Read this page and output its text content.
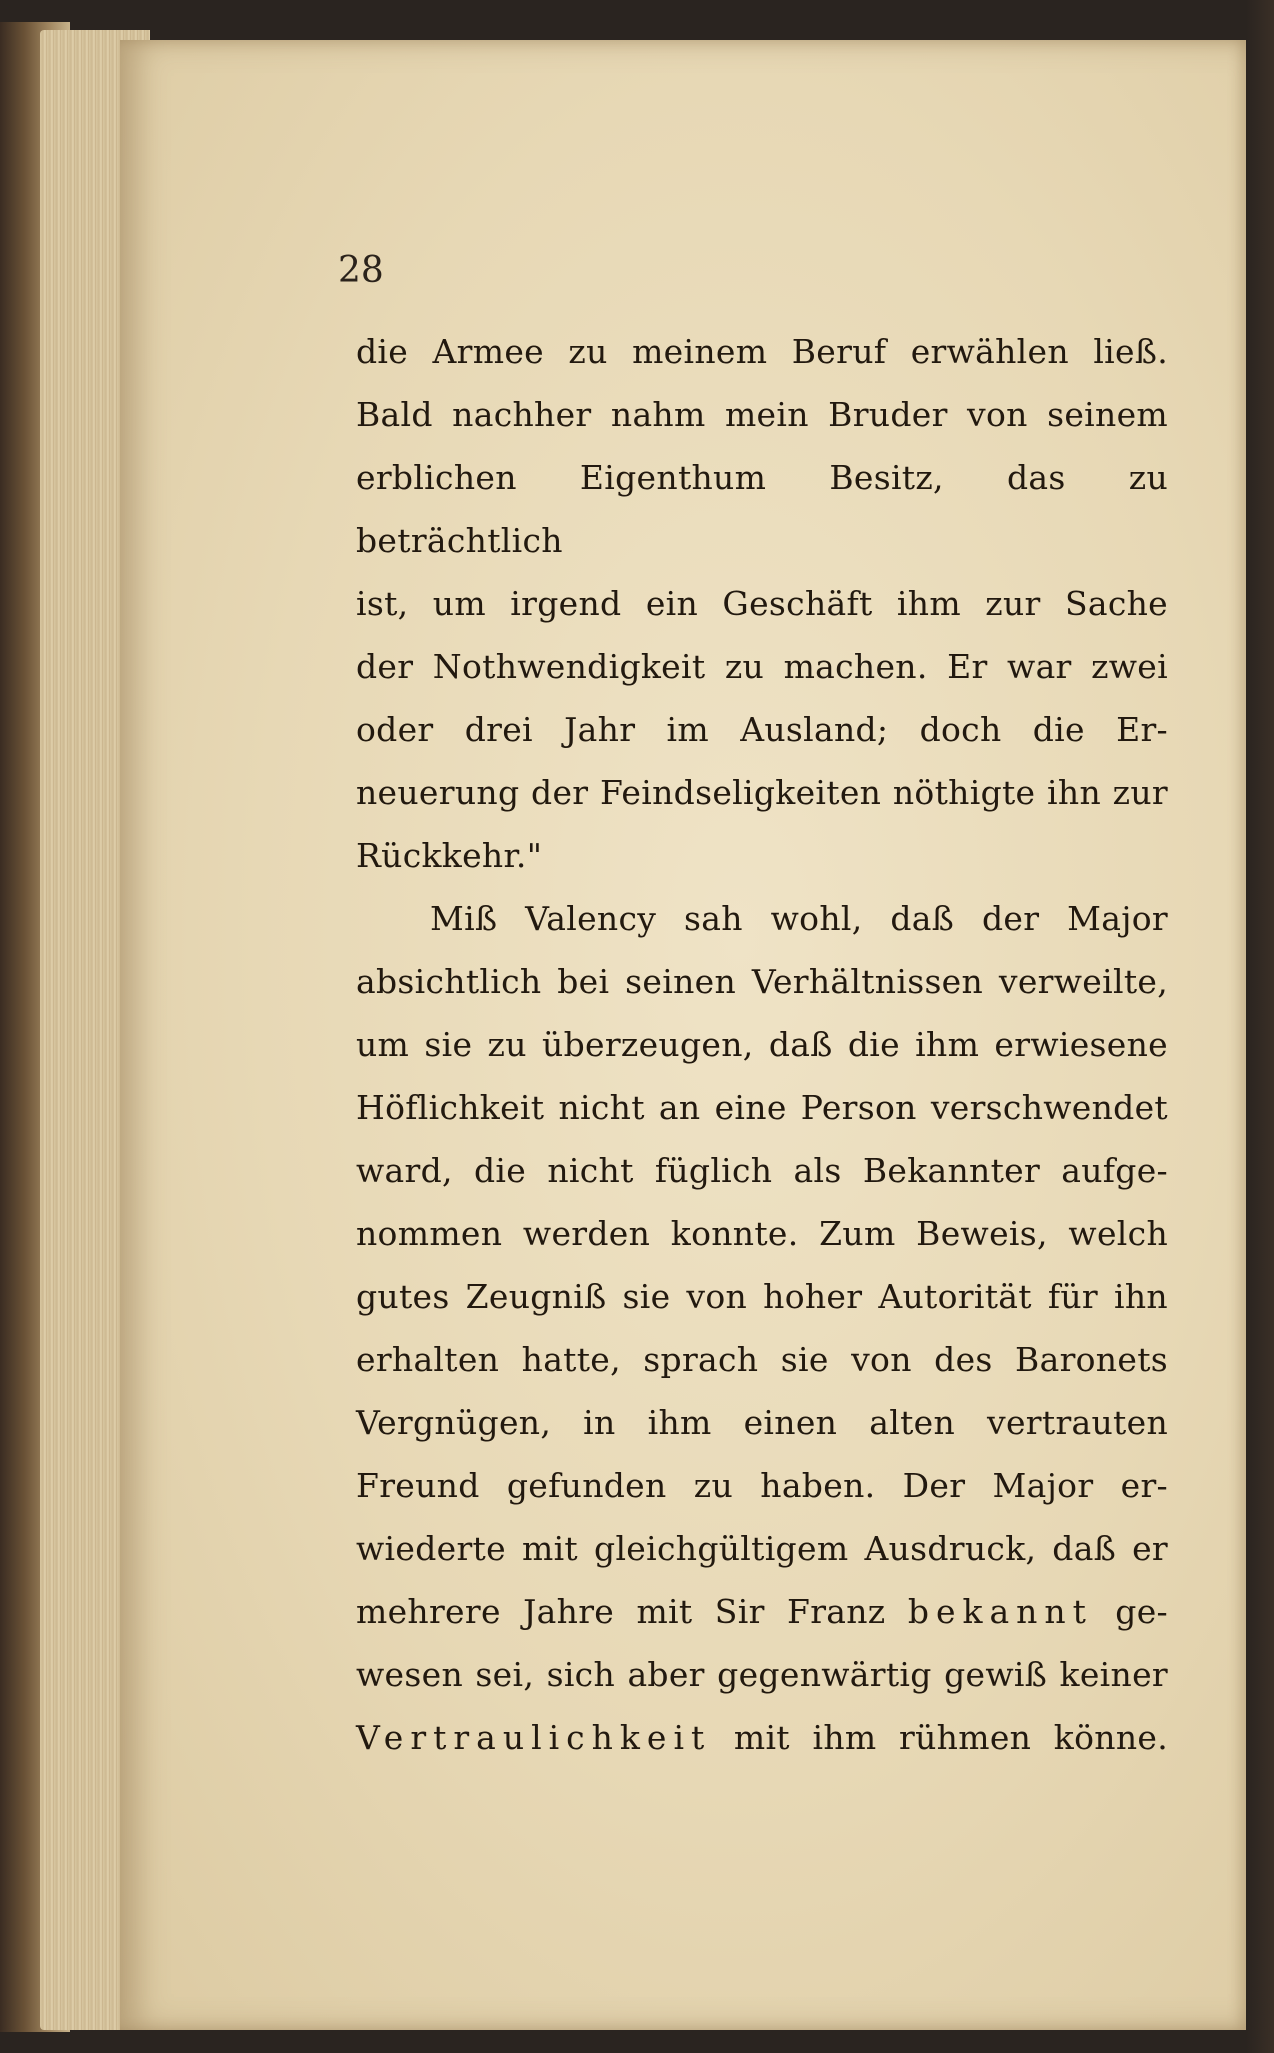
28

die Armee zu meinem Beruf erwählen ließ.

Bald nachher nahm mein Bruder von seinem

erblichen Eigenthum Besitz, das zu beträchtlich

ist, um irgend ein Geschäft ihm zur Sache

der Nothwendigkeit zu machen. Er war zwei

oder drei Jahr im Ausland; doch die Er-

neuerung der Feindseligkeiten nöthigte ihn zur

Rückkehr."

Miß Valency sah wohl, daß der Major

absichtlich bei seinen Verhältnissen verweilte,

um sie zu überzeugen, daß die ihm erwiesene

Höflichkeit nicht an eine Person verschwendet

ward, die nicht füglich als Bekannter aufge-

nommen werden konnte. Zum Beweis, welch

gutes Zeugniß sie von hoher Autorität für ihn

erhalten hatte, sprach sie von des Baronets

Vergnügen, in ihm einen alten vertrauten

Freund gefunden zu haben. Der Major er-

wiederte mit gleichgültigem Ausdruck, daß er

mehrere Jahre mit Sir Franz bekannt ge-

wesen sei, sich aber gegenwärtig gewiß keiner

Vertraulichkeit mit ihm rühmen könne.
